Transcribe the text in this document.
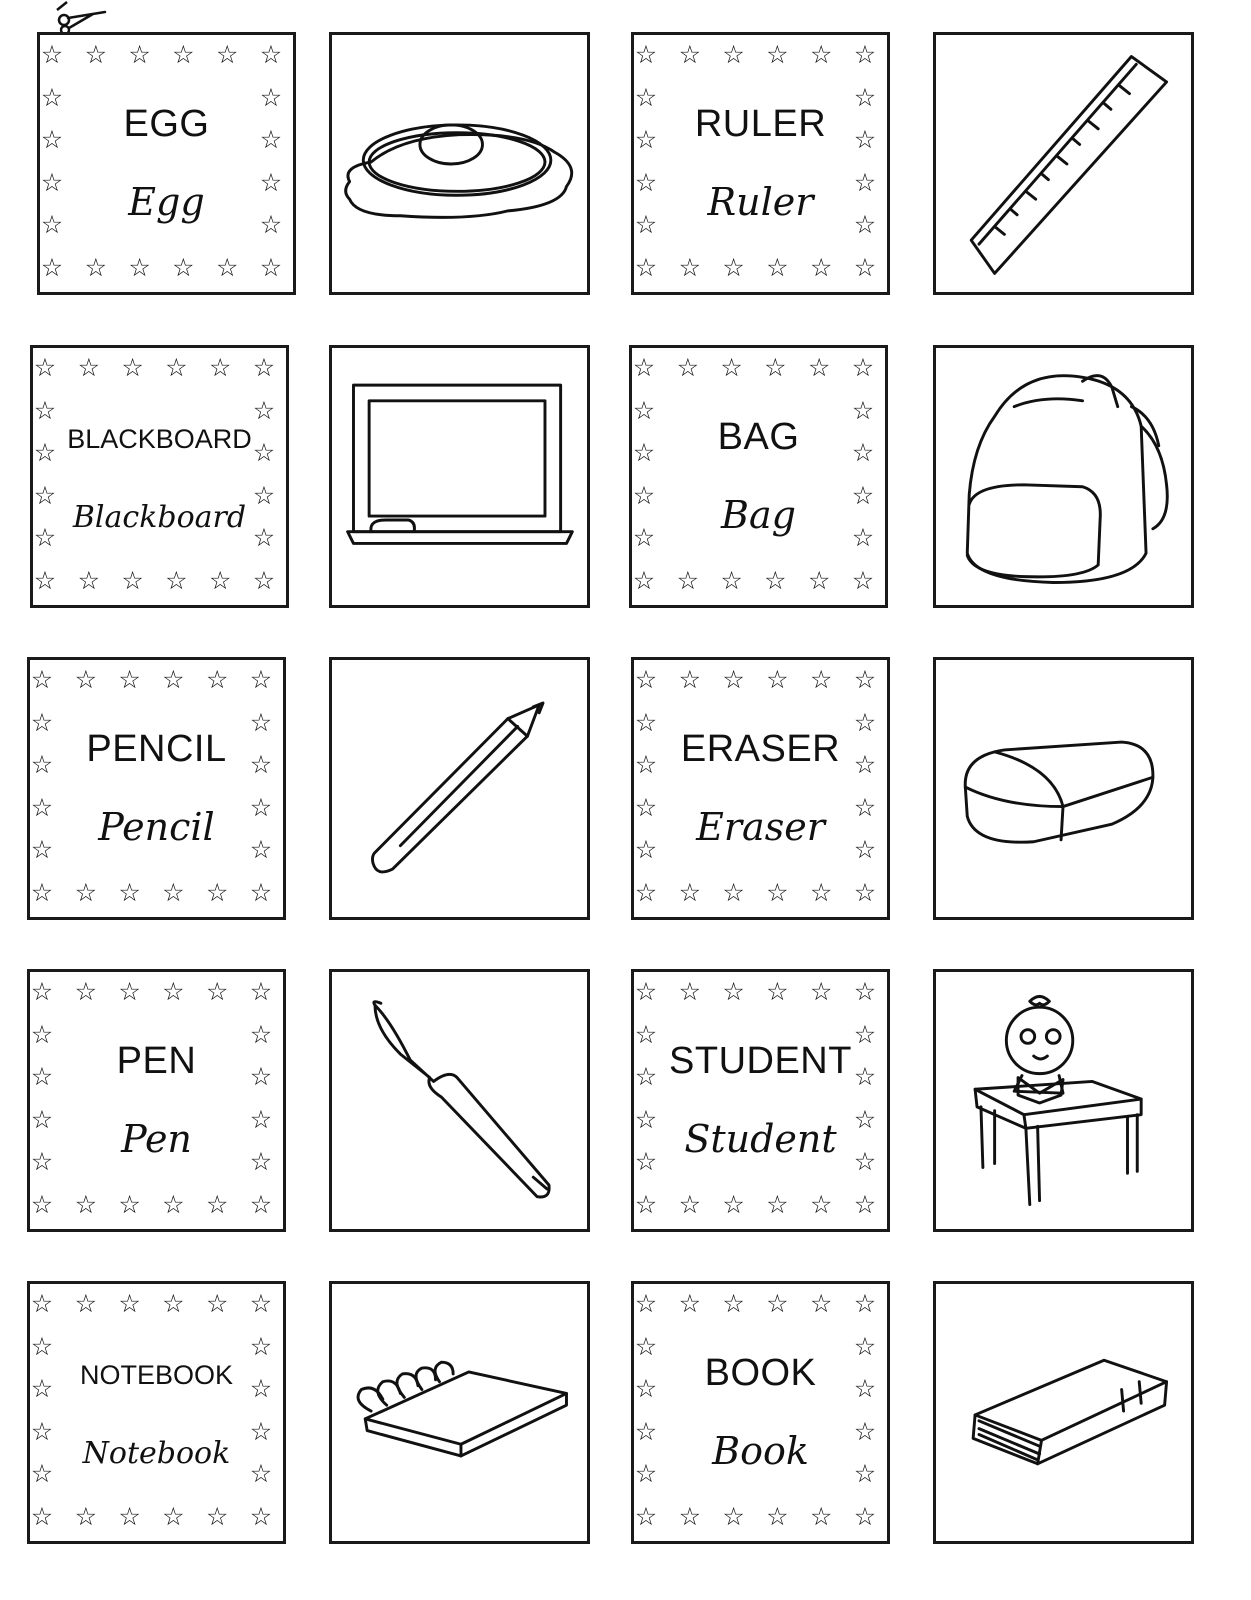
☆
☆
☆
☆
☆
☆
☆
☆
☆
☆
☆
☆
☆	☆
☆	☆
☆	☆
☆	☆
EGG
Egg
☆
☆
☆
☆
☆
☆
☆
☆
☆
☆
☆
☆
☆	☆
☆	☆
☆	☆
☆	☆
RULER
Ruler
☆
☆
☆
☆
☆
☆
☆
☆
☆
☆
☆
☆
☆	☆
☆	☆
☆	☆
☆	☆
BLACKBOARD
Blackboard
☆
☆
☆
☆
☆
☆
☆
☆
☆
☆
☆
☆
☆	☆
☆	☆
☆	☆
☆	☆
BAG
Bag
☆
☆
☆
☆
☆
☆
☆
☆
☆
☆
☆
☆
☆	☆
☆	☆
☆	☆
☆	☆
PENCIL
Pencil
☆
☆
☆
☆
☆
☆
☆
☆
☆
☆
☆
☆
☆	☆
☆	☆
☆	☆
☆	☆
ERASER
Eraser
☆
☆
☆
☆
☆
☆
☆
☆
☆
☆
☆
☆
☆	☆
☆	☆
☆	☆
☆	☆
PEN
Pen
☆
☆
☆
☆
☆
☆
☆
☆
☆
☆
☆
☆
☆	☆
☆	☆
☆	☆
☆	☆
STUDENT
Student
☆
☆
☆
☆
☆
☆
☆
☆
☆
☆
☆
☆
☆	☆
☆	☆
☆	☆
☆	☆
NOTEBOOK
Notebook
☆
☆
☆
☆
☆
☆
☆
☆
☆
☆
☆
☆
☆	☆
☆	☆
☆	☆
☆	☆
BOOK
Book
